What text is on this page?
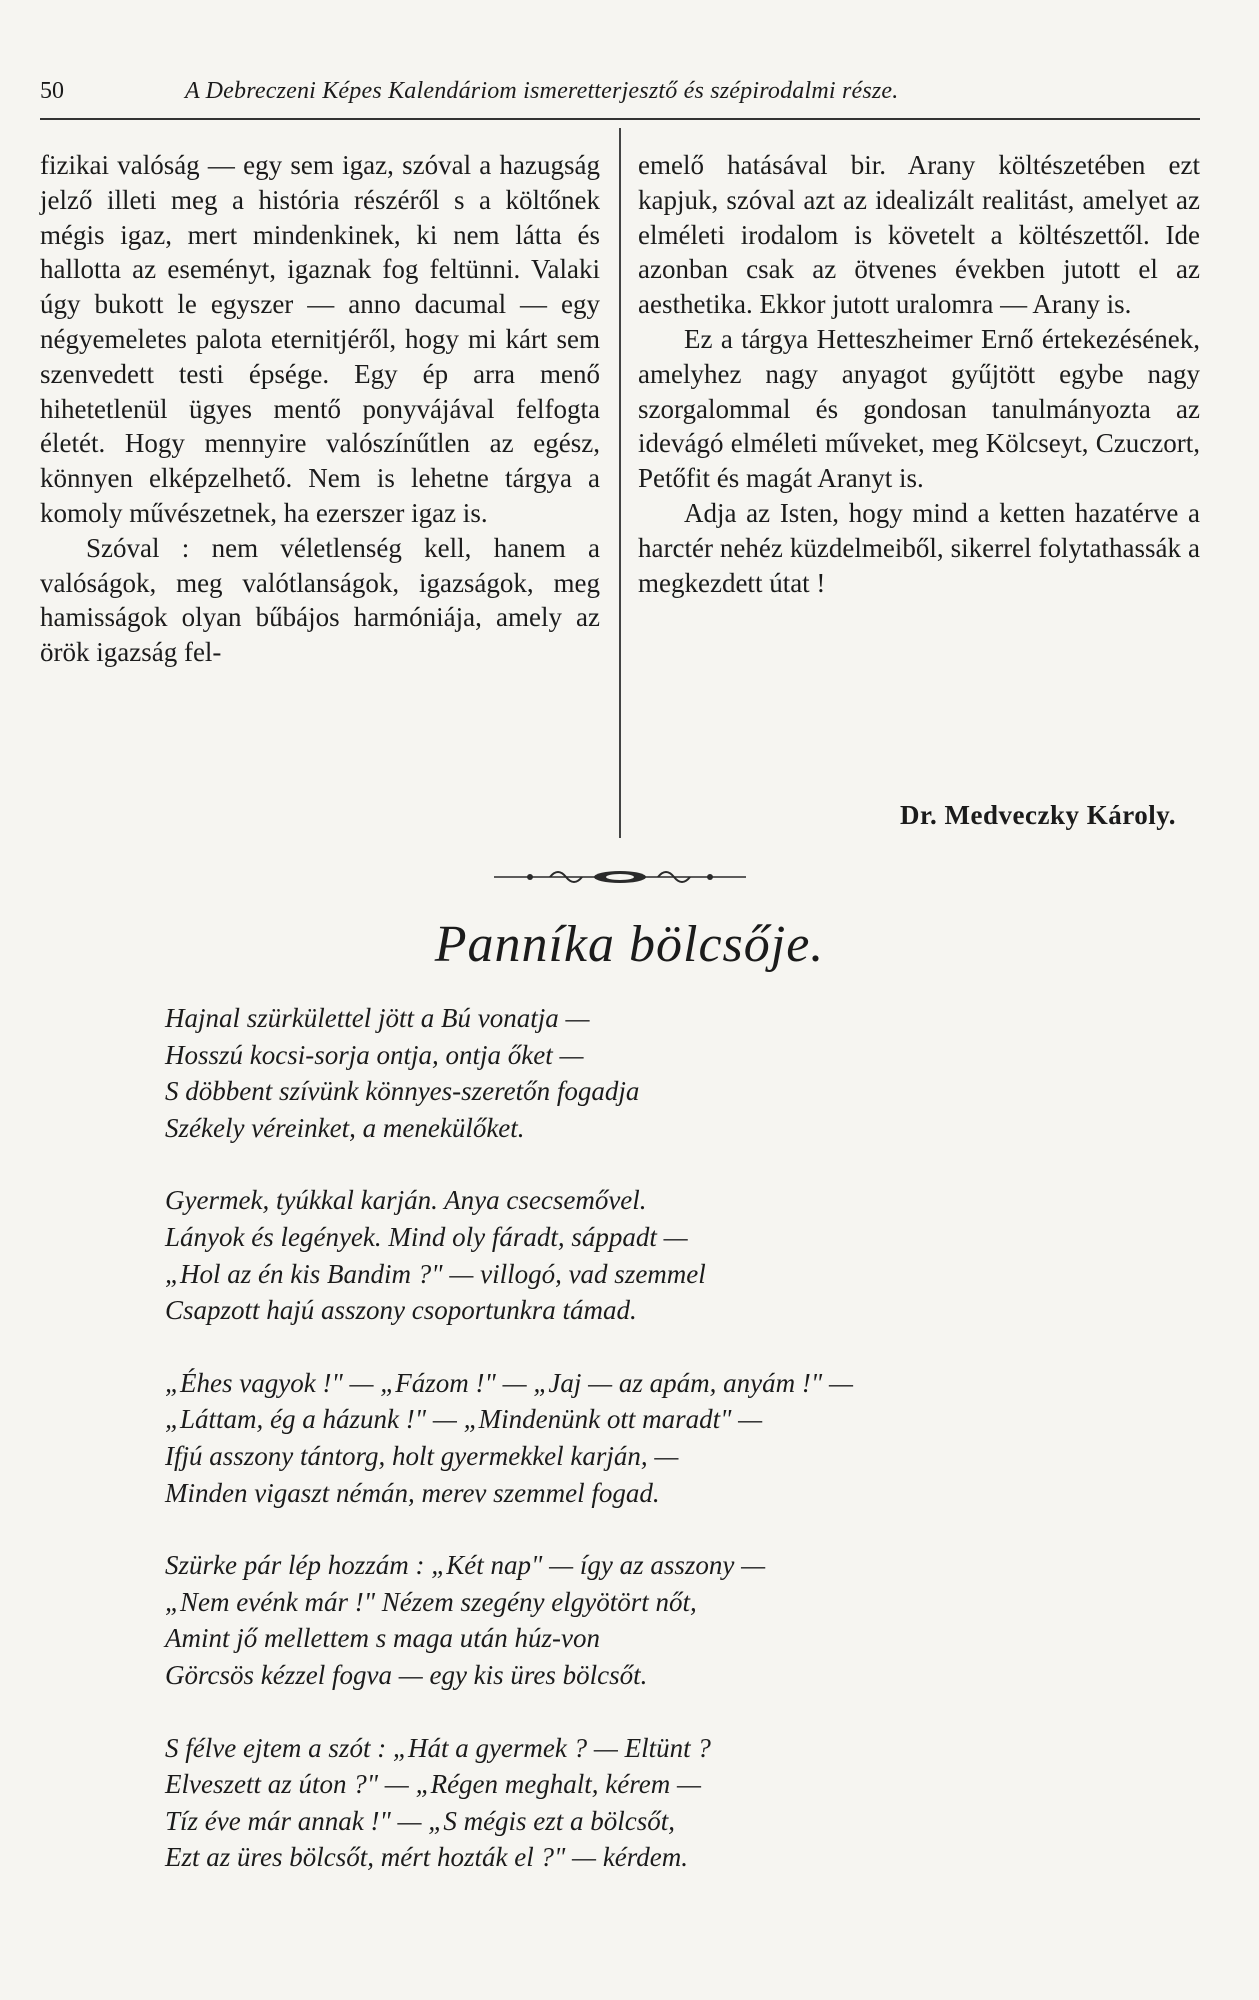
50	A Debreczeni Képes Kalendáriom ismeretterjesztő és szépirodalmi része.

fizikai valóság — egy sem igaz, szóval a hazugság jelző illeti meg a história részéről s a költőnek mégis igaz, mert mindenkinek, ki nem látta és hallotta az eseményt, igaznak fog feltünni. Valaki úgy bukott le egyszer — anno dacumal — egy négyemeletes palota eternitjéről, hogy mi kárt sem szenvedett testi épsége. Egy ép arra menő hihetetlenül ügyes mentő ponyvájával felfogta életét. Hogy mennyire valószínűtlen az egész, könnyen elképzelhető. Nem is lehetne tárgya a komoly művészetnek, ha ezerszer igaz is.

Szóval : nem véletlenség kell, hanem a valóságok, meg valótlanságok, igazságok, meg hamisságok olyan bűbájos harmóniája, amely az örök igazság fel-

emelő hatásával bir. Arany költészetében ezt kapjuk, szóval azt az idealizált realitást, amelyet az elméleti irodalom is követelt a költészettől. Ide azonban csak az ötvenes években jutott el az aesthetika. Ekkor jutott uralomra — Arany is.

Ez a tárgya Hetteszheimer Ernő értekezésének, amelyhez nagy anyagot gyűjtött egybe nagy szorgalommal és gondosan tanulmányozta az idevágó elméleti műveket, meg Kölcseyt, Czuczort, Petőfit és magát Aranyt is.

Adja az Isten, hogy mind a ketten hazatérve a harctér nehéz küzdelmeiből, sikerrel folytathassák a megkezdett útat !

Dr. Medveczky Károly.
Panníka bölcsője.
Hajnal szürkülettel jött a Bú vonatja —
Hosszú kocsi-sorja ontja, ontja őket —
S döbbent szívünk könnyes-szeretőn fogadja
Székely véreinket, a menekülőket.
Gyermek, tyúkkal karján. Anya csecsemővel.
Lányok és legények. Mind oly fáradt, sáppadt —
„Hol az én kis Bandim ?" — villogó, vad szemmel
Csapzott hajú asszony csoportunkra támad.
„Éhes vagyok !" — „Fázom !" — „Jaj — az apám, anyám !" —
„Láttam, ég a házunk !" — „Mindenünk ott maradt" —
Ifjú asszony tántorg, holt gyermekkel karján, —
Minden vigaszt némán, merev szemmel fogad.
Szürke pár lép hozzám : „Két nap" — így az asszony —
„Nem evénk már !" Nézem szegény elgyötört nőt,
Amint jő mellettem s maga után húz-von
Görcsös kézzel fogva — egy kis üres bölcsőt.
S félve ejtem a szót : „Hát a gyermek ? — Eltünt ?
Elveszett az úton ?" — „Régen meghalt, kérem —
Tíz éve már annak !" — „S mégis ezt a bölcsőt,
Ezt az üres bölcsőt, mért hozták el ?" — kérdem.
